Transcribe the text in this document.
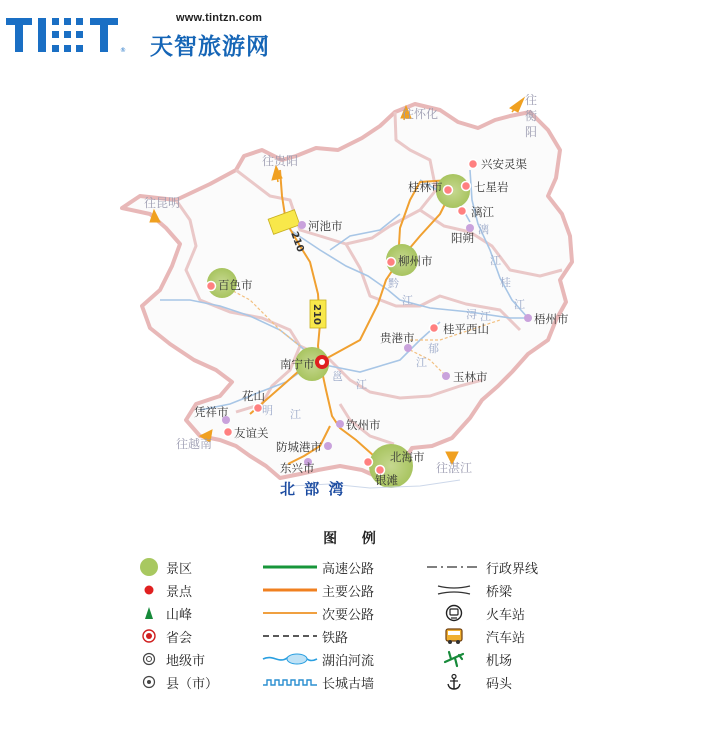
®
www.tintzn.com
天智旅游网
往怀化
往
衡
阳
往贵阳
往昆明
往越南
往湛江
210
210
北 部 湾
兴安灵渠
七星岩
漓江
阳朔
桂平西山
花山
友谊关
银滩
桂林市
柳州市
百色市
河池市
南宁市
贵港市
梧州市
玉林市
凭祥市
钦州市
防城港市
东兴市
北海市
漓
江
桂
江
浔 江
黔
江
郁
江
邕
江
明 江
图 例
景区
景点
山峰
省会
地级市
县（市）
高速公路
主要公路
次要公路
铁路
湖泊河流
长城古墙
行政界线
桥梁
火车站
汽车站
机场
码头
